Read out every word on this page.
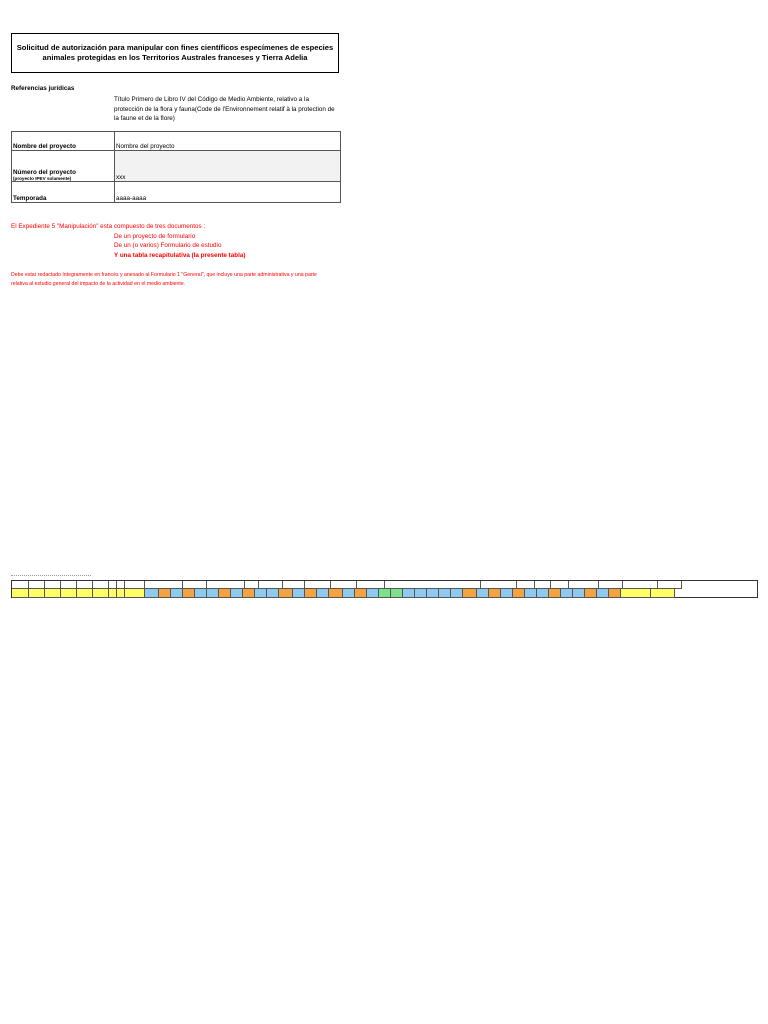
Solicitud de autorización para manipular con fines científicos especímenes de especies animales protegidas en los Territorios Australes franceses y Tierra Adelia
Referencias jurídicas
Título Primero de Libro IV del Código de Medio Ambiente, relativo a la protección de la flora y fauna(Code de l'Environnement relatif à la protection de la faune et de la flore)
Nombre del proyecto	Nombre del proyecto
Número del proyecto
(proyecto IPEV solamente)	xxx
Temporada	aaaa-aaaa
El Expediente 5 "Manipulación" esta compuesto de tres documentos :
De un proyecto de formulario
De un (o varios) Formulario de estudio
Y una tabla recapitulativa (la presente tabla)
Debe estar redactado íntegramente en francés y anexado al Formulario 1 "General", que incluye una parte administrativa y una parte relativa al estudio general del impacto de la actividad en el medio ambiente.
